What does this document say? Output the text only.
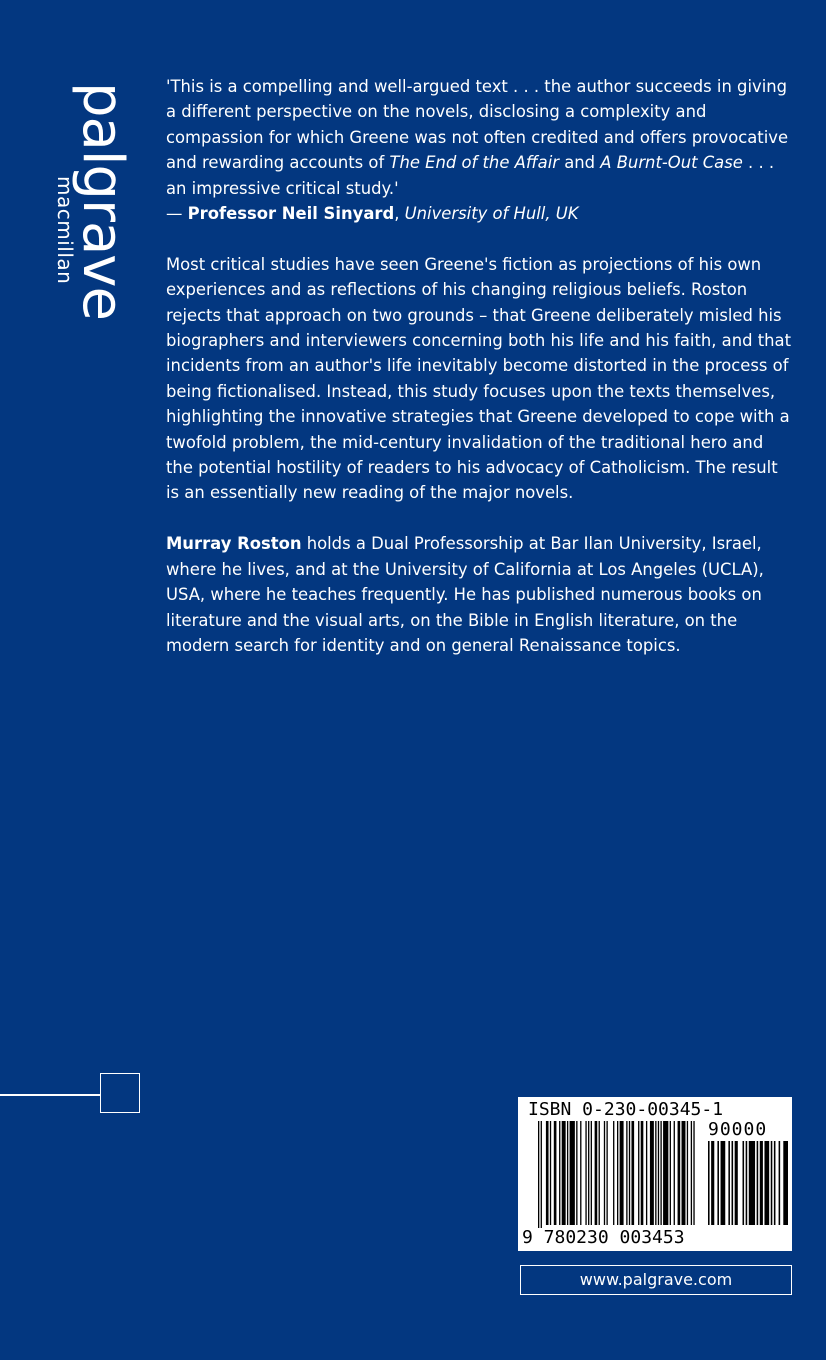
palgrave
macmillan

'This is a compelling and well-argued text . . . the author succeeds in giving a different perspective on the novels, disclosing a complexity and compassion for which Greene was not often credited and offers provocative and rewarding accounts of The End of the Affair and A Burnt-Out Case . . . an impressive critical study.'

— Professor Neil Sinyard, University of Hull, UK

Most critical studies have seen Greene's fiction as projections of his own experiences and as reflections of his changing religious beliefs. Roston rejects that approach on two grounds – that Greene deliberately misled his biographers and interviewers concerning both his life and his faith, and that incidents from an author's life inevitably become distorted in the process of being fictionalised. Instead, this study focuses upon the texts themselves, highlighting the innovative strategies that Greene developed to cope with a twofold problem, the mid-century invalidation of the traditional hero and the potential hostility of readers to his advocacy of Catholicism. The result is an essentially new reading of the major novels.

Murray Roston holds a Dual Professorship at Bar Ilan University, Israel, where he lives, and at the University of California at Los Angeles (UCLA), USA, where he teaches frequently. He has published numerous books on literature and the visual arts, on the Bible in English literature, on the modern search for identity and on general Renaissance topics.

ISBN 0-230-00345-1
90000
9 780230 003453
www.palgrave.com
